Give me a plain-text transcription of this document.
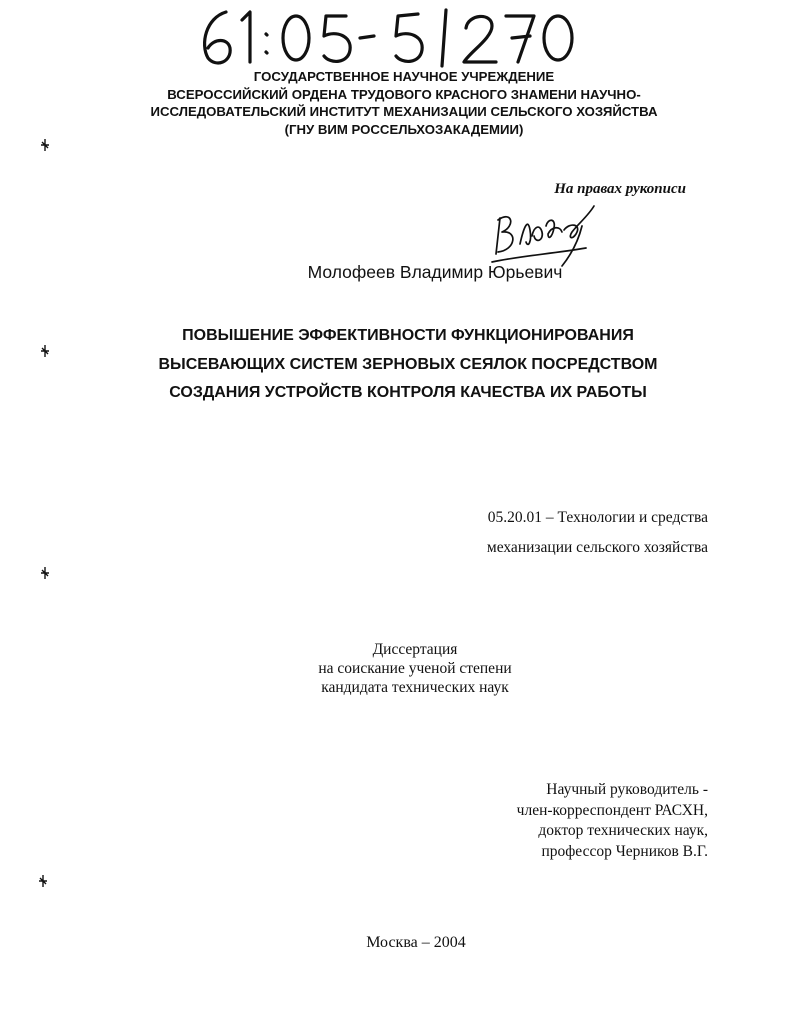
ГОСУДАРСТВЕННОЕ НАУЧНОЕ УЧРЕЖДЕНИЕ
ВСЕРОССИЙСКИЙ ОРДЕНА ТРУДОВОГО КРАСНОГО ЗНАМЕНИ НАУЧНО-
ИССЛЕДОВАТЕЛЬСКИЙ ИНСТИТУТ МЕХАНИЗАЦИИ СЕЛЬСКОГО ХОЗЯЙСТВА
(ГНУ ВИМ РОССЕЛЬХОЗАКАДЕМИИ)
На правах рукописи
Молофеев Владимир Юрьевич
ПОВЫШЕНИЕ ЭФФЕКТИВНОСТИ ФУНКЦИОНИРОВАНИЯ
ВЫСЕВАЮЩИХ СИСТЕМ ЗЕРНОВЫХ СЕЯЛОК ПОСРЕДСТВОМ
СОЗДАНИЯ УСТРОЙСТВ КОНТРОЛЯ КАЧЕСТВА ИХ РАБОТЫ
05.20.01 – Технологии и средства
механизации сельского хозяйства
Диссертация
на соискание ученой степени
кандидата технических наук
Научный руководитель -
член-корреспондент РАСХН,
доктор технических наук,
профессор Черников В.Г.
Москва – 2004
